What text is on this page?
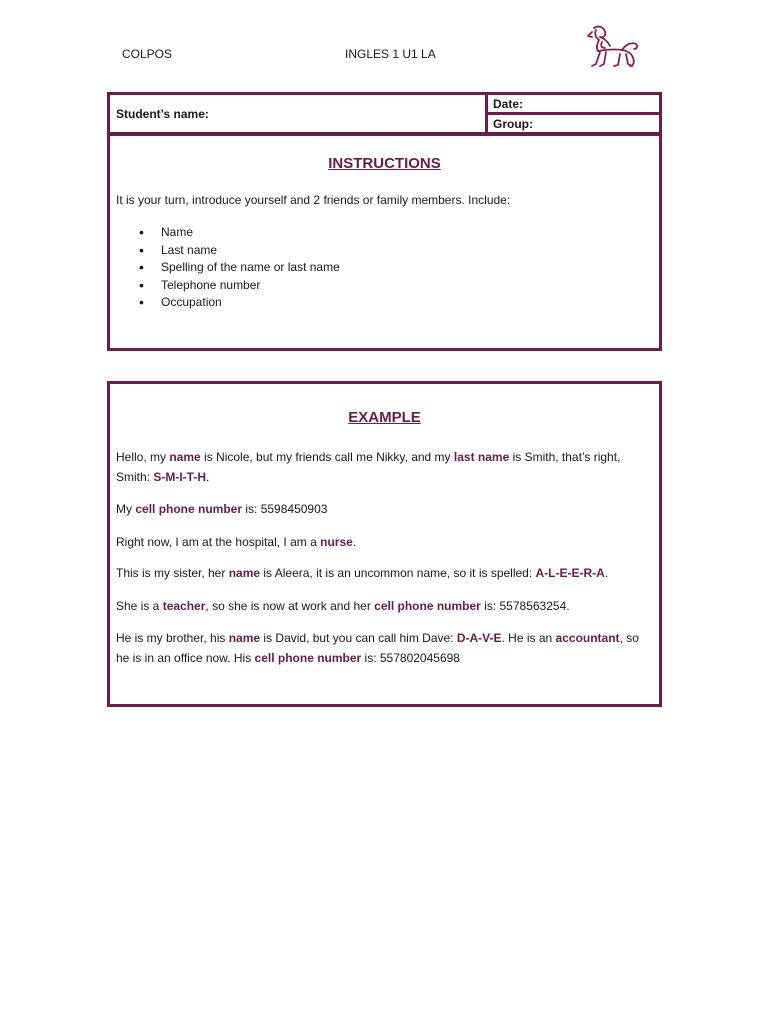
COLPOS	INGLES 1 U1 LA
Student’s name:
Date:
Group:
INSTRUCTIONS

It is your turn, introduce yourself and 2 friends or family members. Include:

• Name
• Last name
• Spelling of the name or last name
• Telephone number
• Occupation
EXAMPLE

Hello, my name is Nicole, but my friends call me Nikky, and my last name is Smith, that’s right, Smith: S-M-I-T-H.

My cell phone number is: 5598450903

Right now, I am at the hospital, I am a nurse.

This is my sister, her name is Aleera, it is an uncommon name, so it is spelled: A-L-E-E-R-A.

She is a teacher, so she is now at work and her cell phone number is: 5578563254.

He is my brother, his name is David, but you can call him Dave: D-A-V-E. He is an accountant, so he is in an office now. His cell phone number is: 557802045698
